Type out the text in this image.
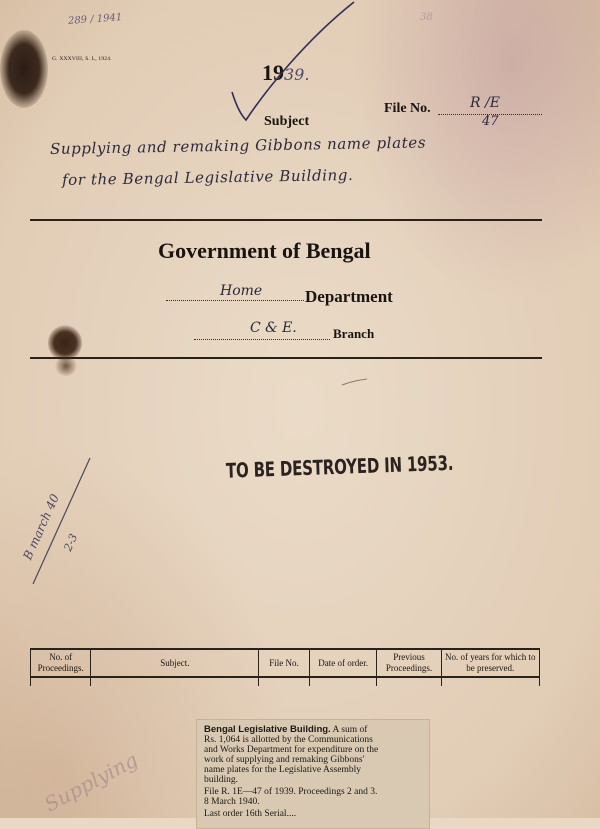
289 / 1941
G. XXXVIII, S. L, 1924.
38
1939.
Subject
File No.	R /E
47
Supplying and remaking Gibbons name plates
for the Bengal Legislative Building.
Government of Bengal
Home	Department
C & E.	Branch
TO BE DESTROYED IN 1953.
B march 40 2-3
No. of Proceedings.	Subject.	File No.	Date of order.	Previous Proceedings.	No. of years for which to be preserved.

Supplying
Bengal Legislative Building. A sum of
Rs. 1,064 is allotted by the Communications
and Works Department for expenditure on the
work of supplying and remaking Gibbons'
name plates for the Legislative Assembly
building.
File R. 1E—47 of 1939. Proceedings 2 and 3.
8 March 1940.
Last order 16th Serial....
